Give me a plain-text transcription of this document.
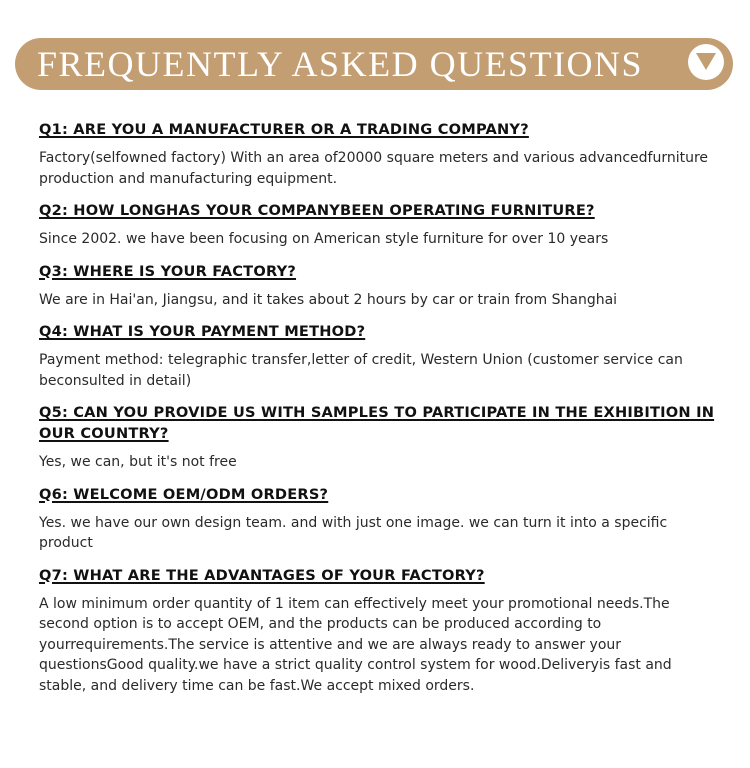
FREQUENTLY ASKED QUESTIONS
Q1: ARE YOU A MANUFACTURER OR A TRADING COMPANY?
Factory(selfowned factory) With an area of20000 square meters and various advancedfurniture production and manufacturing equipment.
Q2: HOW LONGHAS YOUR COMPANYBEEN OPERATING FURNITURE?
Since 2002. we have been focusing on American style furniture for over 10 years
Q3: WHERE IS YOUR FACTORY?
We are in Hai'an, Jiangsu, and it takes about 2 hours by car or train from Shanghai
Q4: WHAT IS YOUR PAYMENT METHOD?
Payment method: telegraphic transfer,letter of credit, Western Union (customer service can beconsulted in detail)
Q5: CAN YOU PROVIDE US WITH SAMPLES TO PARTICIPATE IN THE EXHIBITION IN OUR COUNTRY?
Yes, we can, but it's not free
Q6: WELCOME OEM/ODM ORDERS?
Yes. we have our own design team. and with just one image. we can turn it into a specific product
Q7: WHAT ARE THE ADVANTAGES OF YOUR FACTORY?
A low minimum order quantity of 1 item can effectively meet your promotional needs.The second option is to accept OEM, and the products can be produced according to yourrequirements.The service is attentive and we are always ready to answer your questionsGood quality.we have a strict quality control system for wood.Deliveryis fast and stable, and delivery time can be fast.We accept mixed orders.
